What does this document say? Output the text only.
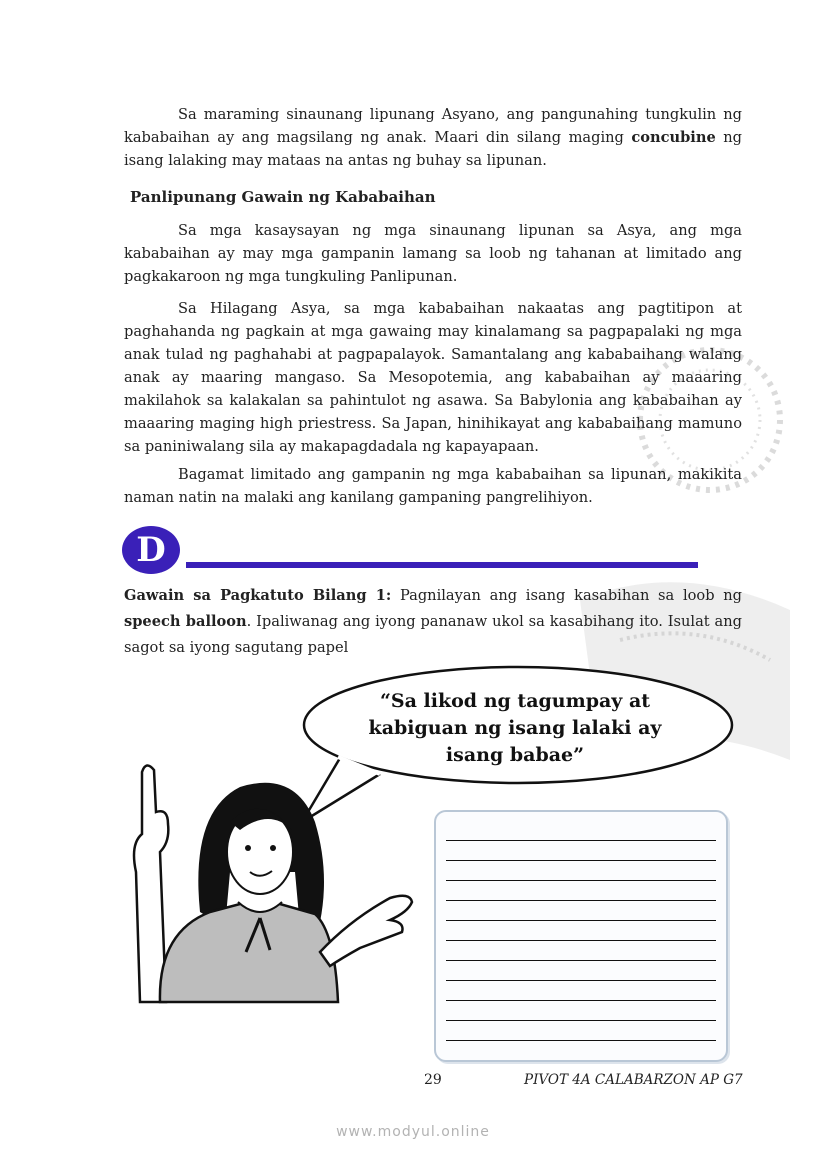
Sa maraming sinaunang lipunang Asyano, ang pangunahing tungkulin ng kababaihan ay ang magsilang ng anak. Maari din silang maging concubine ng isang lalaking may mataas na antas ng buhay sa lipunan.

Panlipunang Gawain ng Kababaihan

Sa mga kasaysayan ng mga sinaunang lipunan sa Asya, ang mga kababaihan ay may mga gampanin lamang sa loob ng tahanan at limitado ang pagkakaroon ng mga tungkuling Panlipunan.

Sa Hilagang Asya, sa mga kababaihan nakaatas ang pagtitipon at paghahanda ng pagkain at mga gawaing may kinalamang sa pagpapalaki ng mga anak tulad ng paghahabi at pagpapalayok. Samantalang ang kababaihang walang anak ay maaring mangaso. Sa Mesopotemia, ang kababaihan ay maaaring makilahok sa kalakalan sa pahintulot ng asawa. Sa Babylonia ang kababaihan ay maaaring maging high priestress. Sa Japan, hinihikayat ang kababaihang mamuno sa paniniwalang sila ay makapagdadala ng kapayapaan.

Bagamat limitado ang gampanin ng mga kababaihan sa lipunan, makikita naman natin na malaki ang kanilang gampaning pangrelihiyon.

D

Gawain sa Pagkatuto Bilang 1: Pagnilayan ang isang kasabihan sa loob ng speech balloon. Ipaliwanag ang iyong pananaw ukol sa kasabihang ito. Isulat ang sagot sa iyong sagutang papel

“Sa likod ng tagumpay at kabiguan ng isang lalaki ay isang babae”
29	PIVOT 4A CALABARZON AP G7
www.modyul.online
